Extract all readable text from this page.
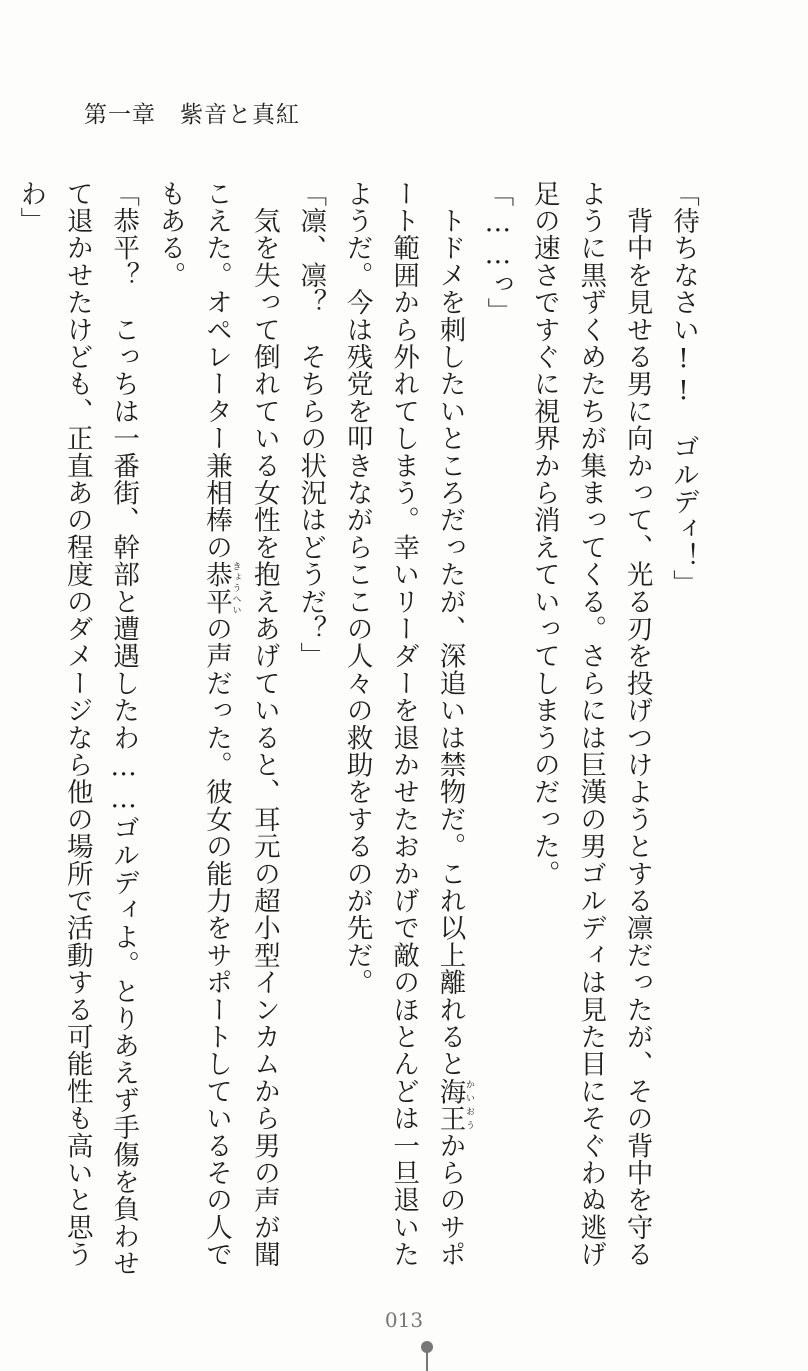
第一章　紫音と真紅

「待ちなさい!!　ゴルディ！」

　背中を見せる男に向かって、光る刃を投げつけようとする凛だったが、その背中を守る

ように黒ずくめたちが集まってくる。さらには巨漢の男ゴルディは見た目にそぐわぬ逃げ

足の速さですぐに視界から消えていってしまうのだった。

「……っ」

　トドメを刺したいところだったが、深追いは禁物だ。これ以上離れると海王かいおうからのサポ

ート範囲から外れてしまう。幸いリーダーを退かせたおかげで敵のほとんどは一旦退いた

ようだ。今は残党を叩きながらここの人々の救助をするのが先だ。

「凛、凛？　そちらの状況はどうだ？」

　気を失って倒れている女性を抱えあげていると、耳元の超小型インカムから男の声が聞

こえた。オペレーター兼相棒の恭平きょうへいの声だった。彼女の能力をサポートしているその人で

もある。

「恭平？　こっちは一番街、幹部と遭遇したわ……ゴルディよ。とりあえず手傷を負わせ

て退かせたけども、正直あの程度のダメージなら他の場所で活動する可能性も高いと思う

わ」

013
